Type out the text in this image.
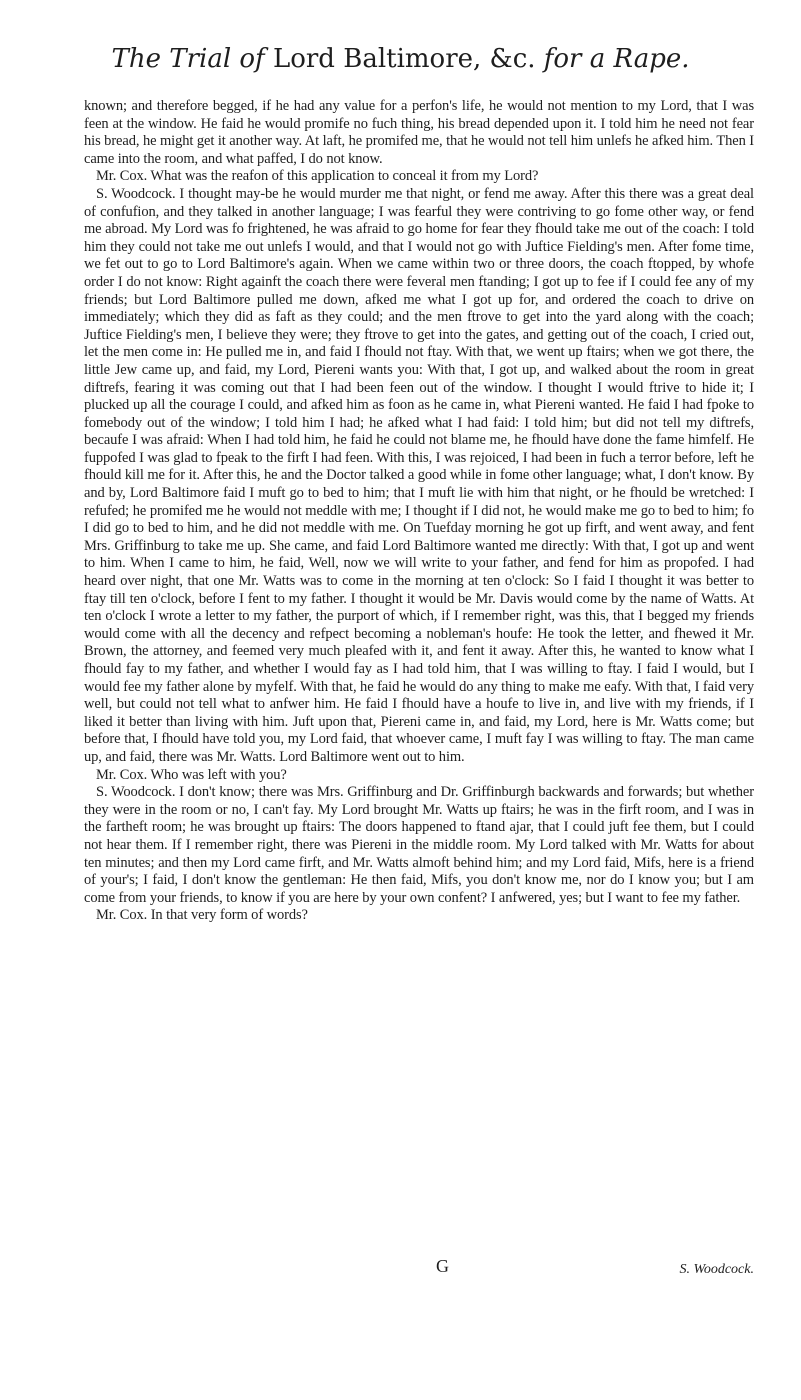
The Trial of Lord Baltimore, &c. for a Rape.

known; and therefore begged, if he had any value for a perfon's life, he would not mention to my Lord, that I was feen at the window. He faid he would promife no fuch thing, his bread depended upon it. I told him he need not fear his bread, he might get it another way. At laft, he promifed me, that he would not tell him unlefs he afked him. Then I came into the room, and what paffed, I do not know.

Mr. Cox. What was the reafon of this application to conceal it from my Lord?

S. Woodcock. I thought may-be he would murder me that night, or fend me away. After this there was a great deal of confufion, and they talked in another language; I was fearful they were contriving to go fome other way, or fend me abroad. My Lord was fo frightened, he was afraid to go home for fear they fhould take me out of the coach: I told him they could not take me out unlefs I would, and that I would not go with Juftice Fielding's men. After fome time, we fet out to go to Lord Baltimore's again. When we came within two or three doors, the coach ftopped, by whofe order I do not know: Right againft the coach there were feveral men ftanding; I got up to fee if I could fee any of my friends; but Lord Baltimore pulled me down, afked me what I got up for, and ordered the coach to drive on immediately; which they did as faft as they could; and the men ftrove to get into the yard along with the coach; Juftice Fielding's men, I believe they were; they ftrove to get into the gates, and getting out of the coach, I cried out, let the men come in: He pulled me in, and faid I fhould not ftay. With that, we went up ftairs; when we got there, the little Jew came up, and faid, my Lord, Piereni wants you: With that, I got up, and walked about the room in great diftrefs, fearing it was coming out that I had been feen out of the window. I thought I would ftrive to hide it; I plucked up all the courage I could, and afked him as foon as he came in, what Piereni wanted. He faid I had fpoke to fomebody out of the window; I told him I had; he afked what I had faid: I told him; but did not tell my diftrefs, becaufe I was afraid: When I had told him, he faid he could not blame me, he fhould have done the fame himfelf. He fuppofed I was glad to fpeak to the firft I had feen. With this, I was rejoiced, I had been in fuch a terror before, left he fhould kill me for it. After this, he and the Doctor talked a good while in fome other language; what, I don't know. By and by, Lord Baltimore faid I muft go to bed to him; that I muft lie with him that night, or he fhould be wretched: I refufed; he promifed me he would not meddle with me; I thought if I did not, he would make me go to bed to him; fo I did go to bed to him, and he did not meddle with me. On Tuefday morning he got up firft, and went away, and fent Mrs. Griffinburg to take me up. She came, and faid Lord Baltimore wanted me directly: With that, I got up and went to him. When I came to him, he faid, Well, now we will write to your father, and fend for him as propofed. I had heard over night, that one Mr. Watts was to come in the morning at ten o'clock: So I faid I thought it was better to ftay till ten o'clock, before I fent to my father. I thought it would be Mr. Davis would come by the name of Watts. At ten o'clock I wrote a letter to my father, the purport of which, if I remember right, was this, that I begged my friends would come with all the decency and refpect becoming a nobleman's houfe: He took the letter, and fhewed it Mr. Brown, the attorney, and feemed very much pleafed with it, and fent it away. After this, he wanted to know what I fhould fay to my father, and whether I would fay as I had told him, that I was willing to ftay. I faid I would, but I would fee my father alone by myfelf. With that, he faid he would do any thing to make me eafy. With that, I faid very well, but could not tell what to anfwer him. He faid I fhould have a houfe to live in, and live with my friends, if I liked it better than living with him. Juft upon that, Piereni came in, and faid, my Lord, here is Mr. Watts come; but before that, I fhould have told you, my Lord faid, that whoever came, I muft fay I was willing to ftay. The man came up, and faid, there was Mr. Watts. Lord Baltimore went out to him.

Mr. Cox. Who was left with you?

S. Woodcock. I don't know; there was Mrs. Griffinburg and Dr. Griffinburgh backwards and forwards; but whether they were in the room or no, I can't fay. My Lord brought Mr. Watts up ftairs; he was in the firft room, and I was in the fartheft room; he was brought up ftairs: The doors happened to ftand ajar, that I could juft fee them, but I could not hear them. If I remember right, there was Piereni in the middle room. My Lord talked with Mr. Watts for about ten minutes; and then my Lord came firft, and Mr. Watts almoft behind him; and my Lord faid, Mifs, here is a friend of your's; I faid, I don't know the gentleman: He then faid, Mifs, you don't know me, nor do I know you; but I am come from your friends, to know if you are here by your own confent? I anfwered, yes; but I want to fee my father.

Mr. Cox. In that very form of words?

G	S. Woodcock.
